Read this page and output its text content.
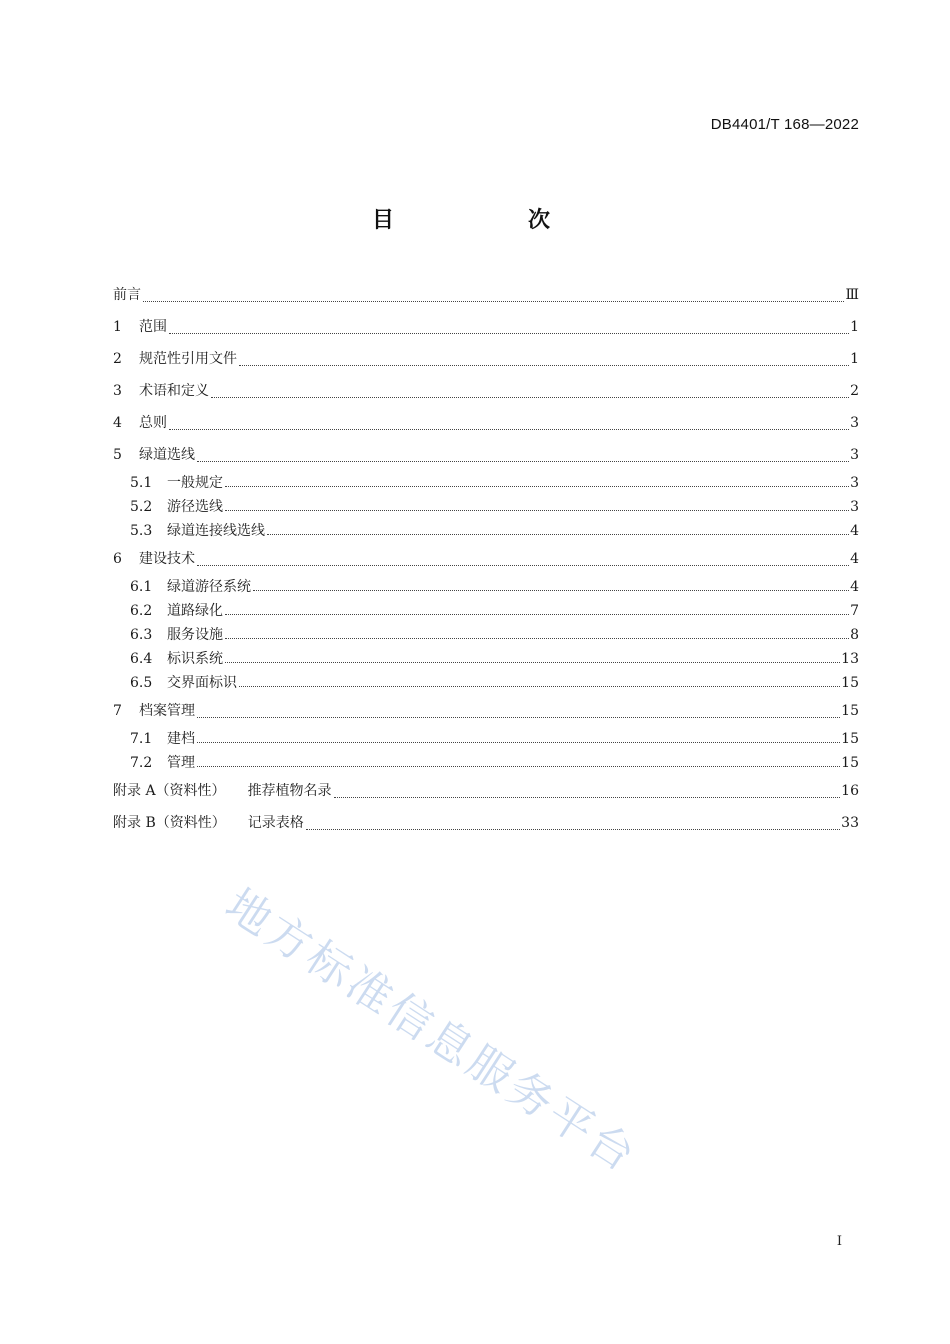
DB4401/T 168—2022
目　次
前言	Ⅲ
1	范围	1
2	规范性引用文件	1
3	术语和定义	2
4	总则	3
5	绿道选线	3
5.1	一般规定	3
5.2	游径选线	3
5.3	绿道连接线选线	4
6	建设技术	4
6.1	绿道游径系统	4
6.2	道路绿化	7
6.3	服务设施	8
6.4	标识系统	13
6.5	交界面标识	15
7	档案管理	15
7.1	建档	15
7.2	管理	15
附录 A（资料性） 推荐植物名录	16
附录 B（资料性） 记录表格	33
地方标准信息服务平台
I
